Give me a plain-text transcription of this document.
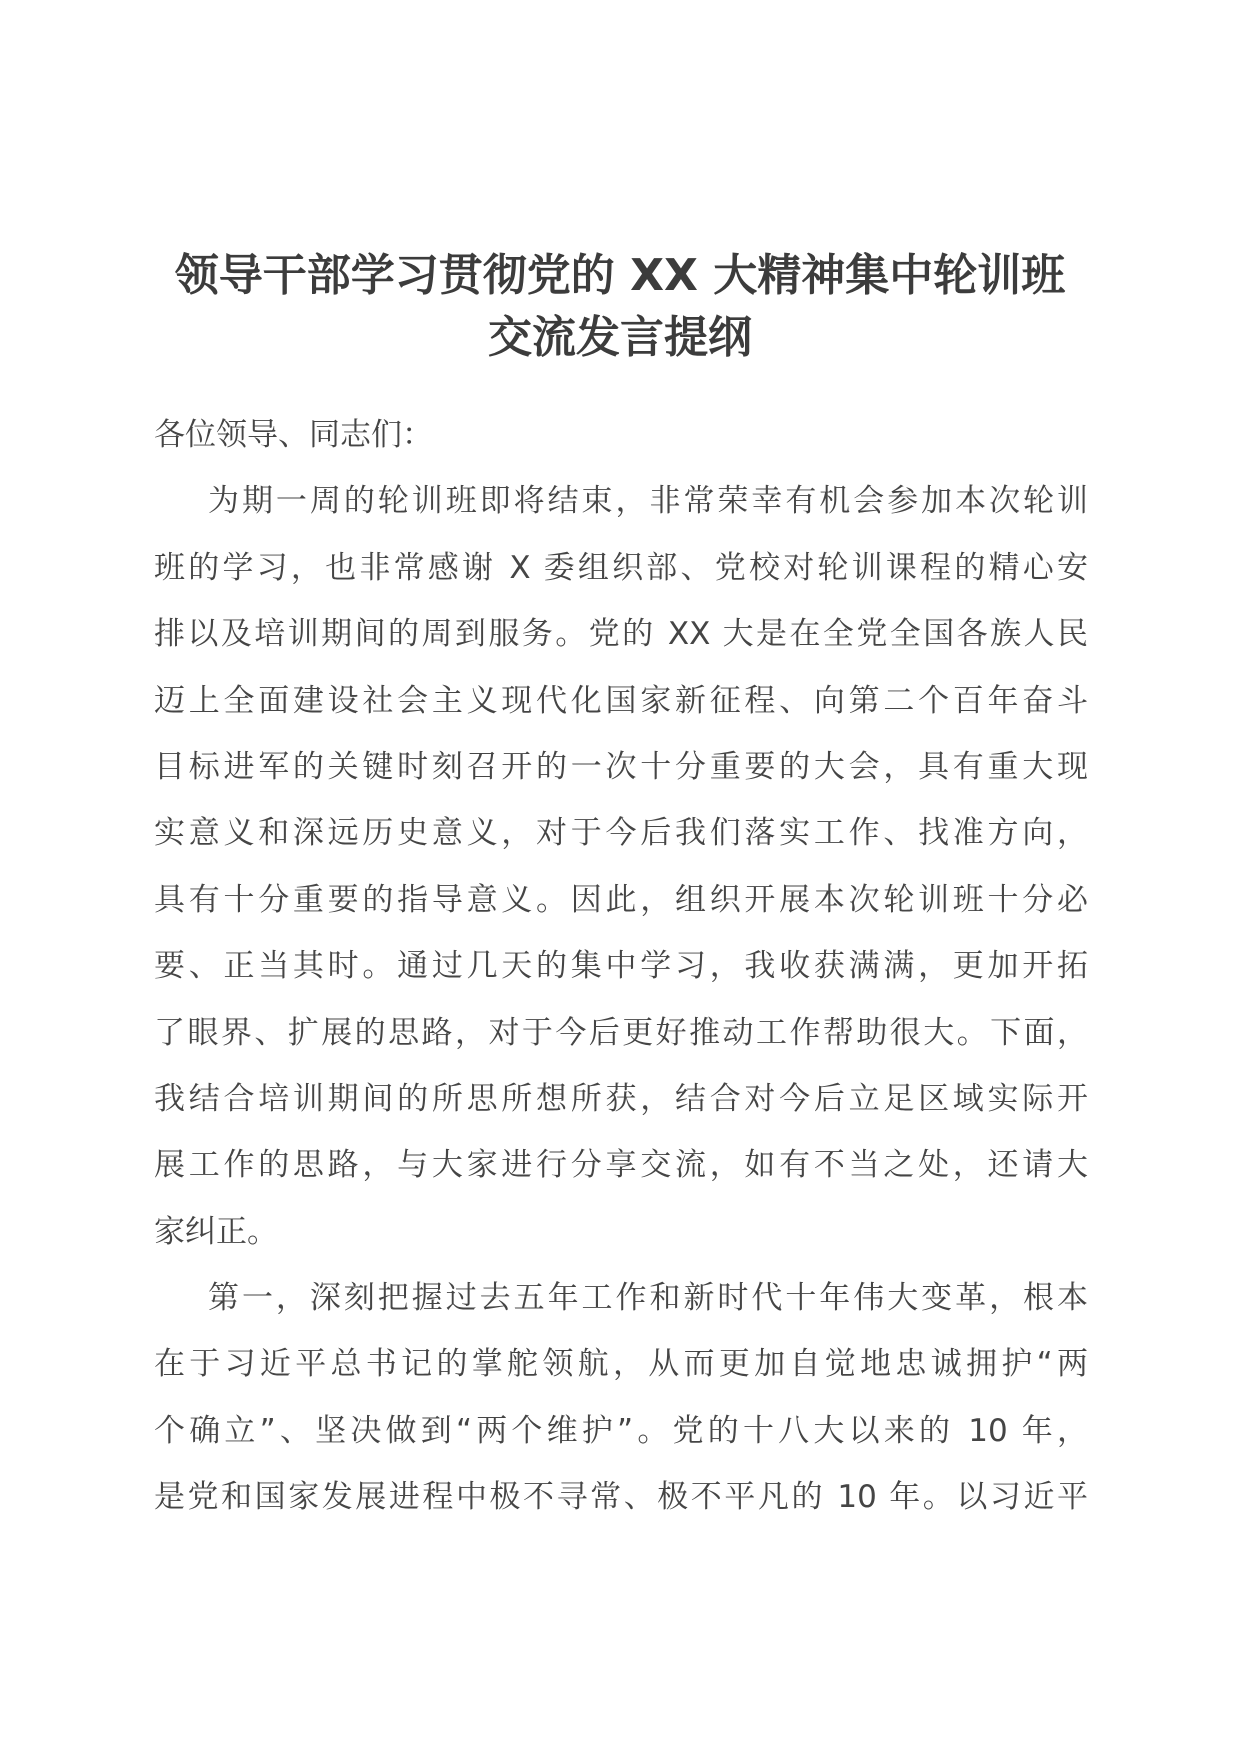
领导干部学习贯彻党的 XX 大精神集中轮训班
交流发言提纲
各位领导、同志们：
为期一周的轮训班即将结束，非常荣幸有机会参加本次轮训
班的学习，也非常感谢 X 委组织部、党校对轮训课程的精心安
排以及培训期间的周到服务。党的 XX 大是在全党全国各族人民
迈上全面建设社会主义现代化国家新征程、向第二个百年奋斗
目标进军的关键时刻召开的一次十分重要的大会，具有重大现
实意义和深远历史意义，对于今后我们落实工作、找准方向，
具有十分重要的指导意义。因此，组织开展本次轮训班十分必
要、正当其时。通过几天的集中学习，我收获满满，更加开拓
了眼界、扩展的思路，对于今后更好推动工作帮助很大。下面，
我结合培训期间的所思所想所获，结合对今后立足区域实际开
展工作的思路，与大家进行分享交流，如有不当之处，还请大
家纠正。
第一，深刻把握过去五年工作和新时代十年伟大变革，根本
在于习近平总书记的掌舵领航，从而更加自觉地忠诚拥护“两
个确立”、坚决做到“两个维护”。党的十八大以来的 10 年，
是党和国家发展进程中极不寻常、极不平凡的 10 年。以习近平
